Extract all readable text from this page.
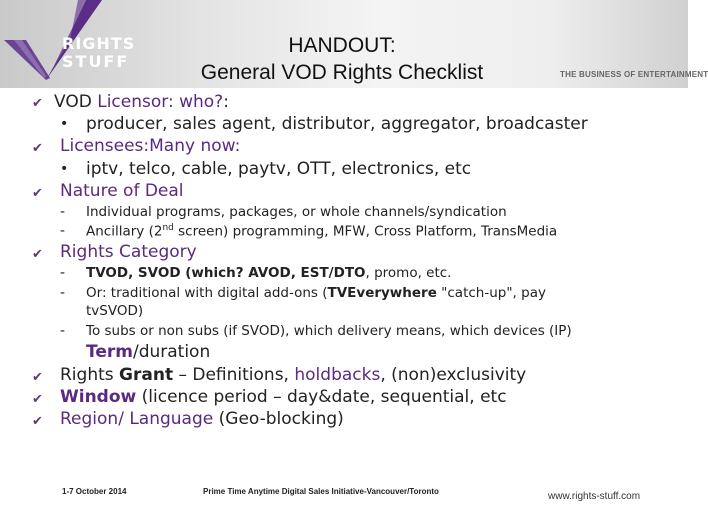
RIGHTS
STUFF
HANDOUT:
General VOD Rights Checklist	THE BUSINESS OF ENTERTAINMENT
✔ VOD Licensor: who?:
• producer, sales agent, distributor, aggregator, broadcaster
✔ Licensees:Many now:
• iptv, telco, cable, paytv, OTT, electronics, etc
✔ Nature of Deal
- Individual programs, packages, or whole channels/syndication
- Ancillary (2nd screen) programming, MFW, Cross Platform, TransMedia
✔ Rights Category
- TVOD, SVOD (which? AVOD, EST/DTO, promo, etc.
- Or: traditional with digital add-ons (TVEverywhere "catch-up", pay
tvSVOD)
- To subs or non subs (if SVOD), which delivery means, which devices (IP)
Term/duration
✔ Rights Grant – Definitions, holdbacks, (non)exclusivity
✔ Window (licence period – day&date, sequential, etc
✔ Region/ Language (Geo-blocking)
1-7 October 2014	Prime Time Anytime Digital Sales Initiative-Vancouver/Toronto	www.rights-stuff.com
